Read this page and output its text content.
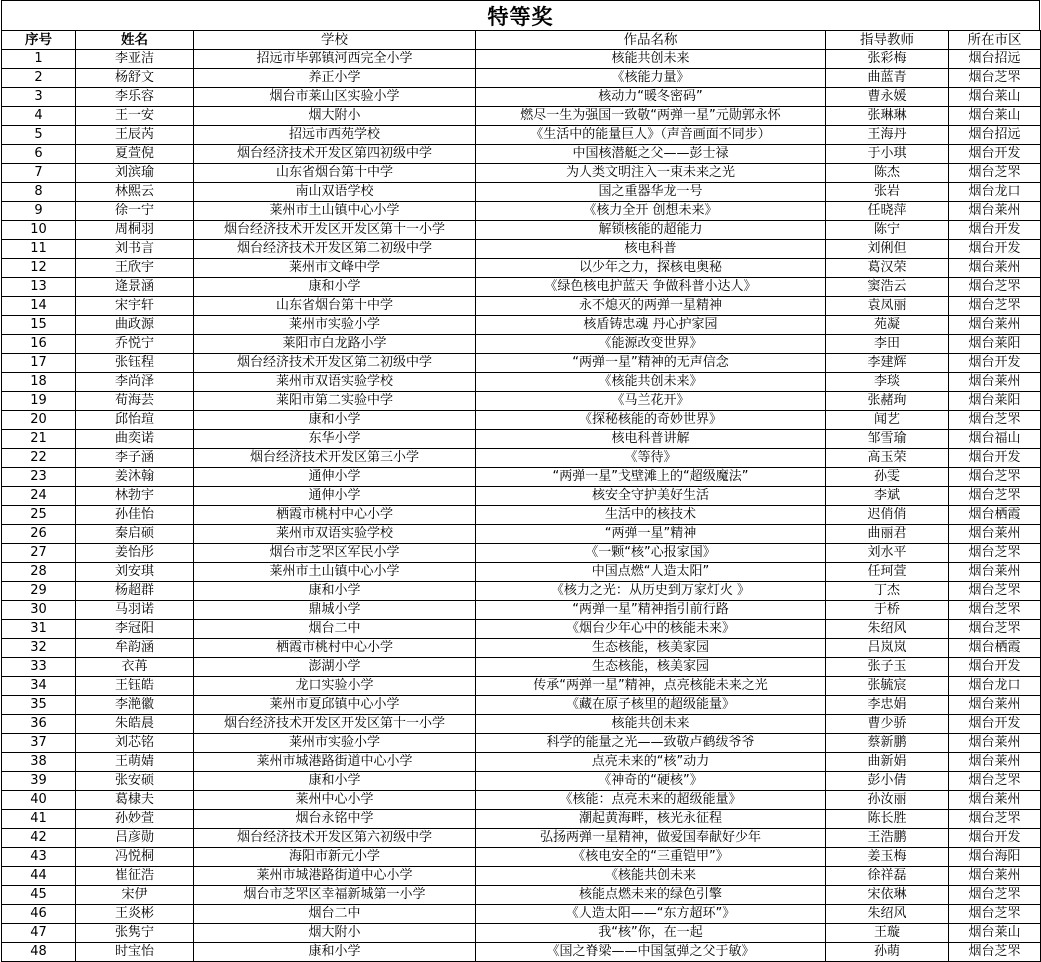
特等奖
序号	姓名	学校	作品名称	指导教师	所在市区
1	李亚洁	招远市毕郭镇河西完全小学	核能共创未来	张彩梅	烟台招远
2	杨舒文	养正小学	《核能力量》	曲蓝青	烟台芝罘
3	李乐容	烟台市莱山区实验小学	核动力“暖冬密码”	曹永媛	烟台莱山
4	王一安	烟大附小	燃尽一生为强国一致敬“两弹一星”元勋郭永怀	张琳琳	烟台莱山
5	王辰芮	招远市西苑学校	《生活中的能量巨人》（声音画面不同步）	王海丹	烟台招远
6	夏萱倪	烟台经济技术开发区第四初级中学	中国核潜艇之父——彭士禄	于小琪	烟台开发
7	刘滨瑜	山东省烟台第十中学	为人类文明注入一束未来之光	陈杰	烟台芝罘
8	林熙云	南山双语学校	国之重器华龙一号	张岩	烟台龙口
9	徐一宁	莱州市土山镇中心小学	《核力全开 创想未来》	任晓萍	烟台莱州
10	周桐羽	烟台经济技术开发区开发区第十一小学	解锁核能的超能力	陈宁	烟台开发
11	刘书言	烟台经济技术开发区第二初级中学	核电科普	刘俐但	烟台开发
12	王欣宇	莱州市文峰中学	以少年之力，探核电奥秘	葛汉荣	烟台莱州
13	逄景涵	康和小学	《绿色核电护蓝天 争做科普小达人》	窦浩云	烟台芝罘
14	宋宇轩	山东省烟台第十中学	永不熄灭的两弹一星精神	袁凤丽	烟台芝罘
15	曲政源	莱州市实验小学	核盾铸忠魂 丹心护家园	苑凝	烟台莱州
16	乔悦宁	莱阳市白龙路小学	《能源改变世界》	李田	烟台莱阳
17	张钰程	烟台经济技术开发区第二初级中学	“两弹一星”精神的无声信念	李建辉	烟台开发
18	李尚泽	莱州市双语实验学校	《核能共创未来》	李琰	烟台莱州
19	荀海芸	莱阳市第二实验中学	《马兰花开》	张赭珣	烟台莱阳
20	邱怡瑄	康和小学	《探秘核能的奇妙世界》	闻艺	烟台芝罘
21	曲奕诺	东华小学	核电科普讲解	邹雪瑜	烟台福山
22	李子涵	烟台经济技术开发区第三小学	《等待》	高玉荣	烟台开发
23	姜沐翰	通伸小学	“两弹一星”戈壁滩上的“超级魔法”	孙雯	烟台芝罘
24	林勃宇	通伸小学	核安全守护美好生活	李斌	烟台芝罘
25	孙佳怡	栖霞市桃村中心小学	生活中的核技术	迟俏俏	烟台栖霞
26	秦启硕	莱州市双语实验学校	“两弹一星”精神	曲丽君	烟台莱州
27	姜怡彤	烟台市芝罘区军民小学	《一颗“核”心报家国》	刘水平	烟台芝罘
28	刘安琪	莱州市土山镇中心小学	中国点燃“人造太阳”	任珂萱	烟台莱州
29	杨超群	康和小学	《核力之光：从历史到万家灯火 》	丁杰	烟台芝罘
30	马羽诺	鼎城小学	“两弹一星”精神指引前行路	于桥	烟台芝罘
31	李冠阳	烟台二中	《烟台少年心中的核能未来》	朱绍风	烟台芝罘
32	牟韵涵	栖霞市桃村中心小学	生态核能，核美家园	吕岚岚	烟台栖霞
33	衣苒	澎湖小学	生态核能，核美家园	张子玉	烟台开发
34	王钰皓	龙口实验小学	传承“两弹一星”精神，点亮核能未来之光	张毓宸	烟台龙口
35	李滟徽	莱州市夏邱镇中心小学	《藏在原子核里的超级能量》	李忠娟	烟台莱州
36	朱皓晨	烟台经济技术开发区开发区第十一小学	核能共创未来	曹少骄	烟台开发
37	刘芯铭	莱州市实验小学	科学的能量之光——致敬卢鹤绂爷爷	蔡新鹏	烟台莱州
38	王萌婧	莱州市城港路街道中心小学	点亮未来的“核”动力	曲新娟	烟台莱州
39	张安硕	康和小学	《神奇的“硬核”》	彭小倩	烟台芝罘
40	葛棣夫	莱州中心小学	《核能：点亮未来的超级能量》	孙汝丽	烟台莱州
41	孙妙萱	烟台永铭中学	潮起黄海畔，核光永征程	陈长胜	烟台芝罘
42	吕彦勋	烟台经济技术开发区第六初级中学	弘扬两弹一星精神，做爱国奉献好少年	王浩鹏	烟台开发
43	冯悦桐	海阳市新元小学	《核电安全的“三重铠甲”》	姜玉梅	烟台海阳
44	崔征浩	莱州市城港路街道中心小学	《核能共创未来	徐祥磊	烟台莱州
45	宋伊	烟台市芝罘区幸福新城第一小学	核能点燃未来的绿色引擎	宋依琳	烟台芝罘
46	王炎彬	烟台二中	《人造太阳——“东方超环”》	朱绍风	烟台芝罘
47	张隽宁	烟大附小	我“核”你，在一起	王璇	烟台莱山
48	时宝怡	康和小学	《国之脊梁——中国氢弹之父于敏》	孙萌	烟台芝罘
